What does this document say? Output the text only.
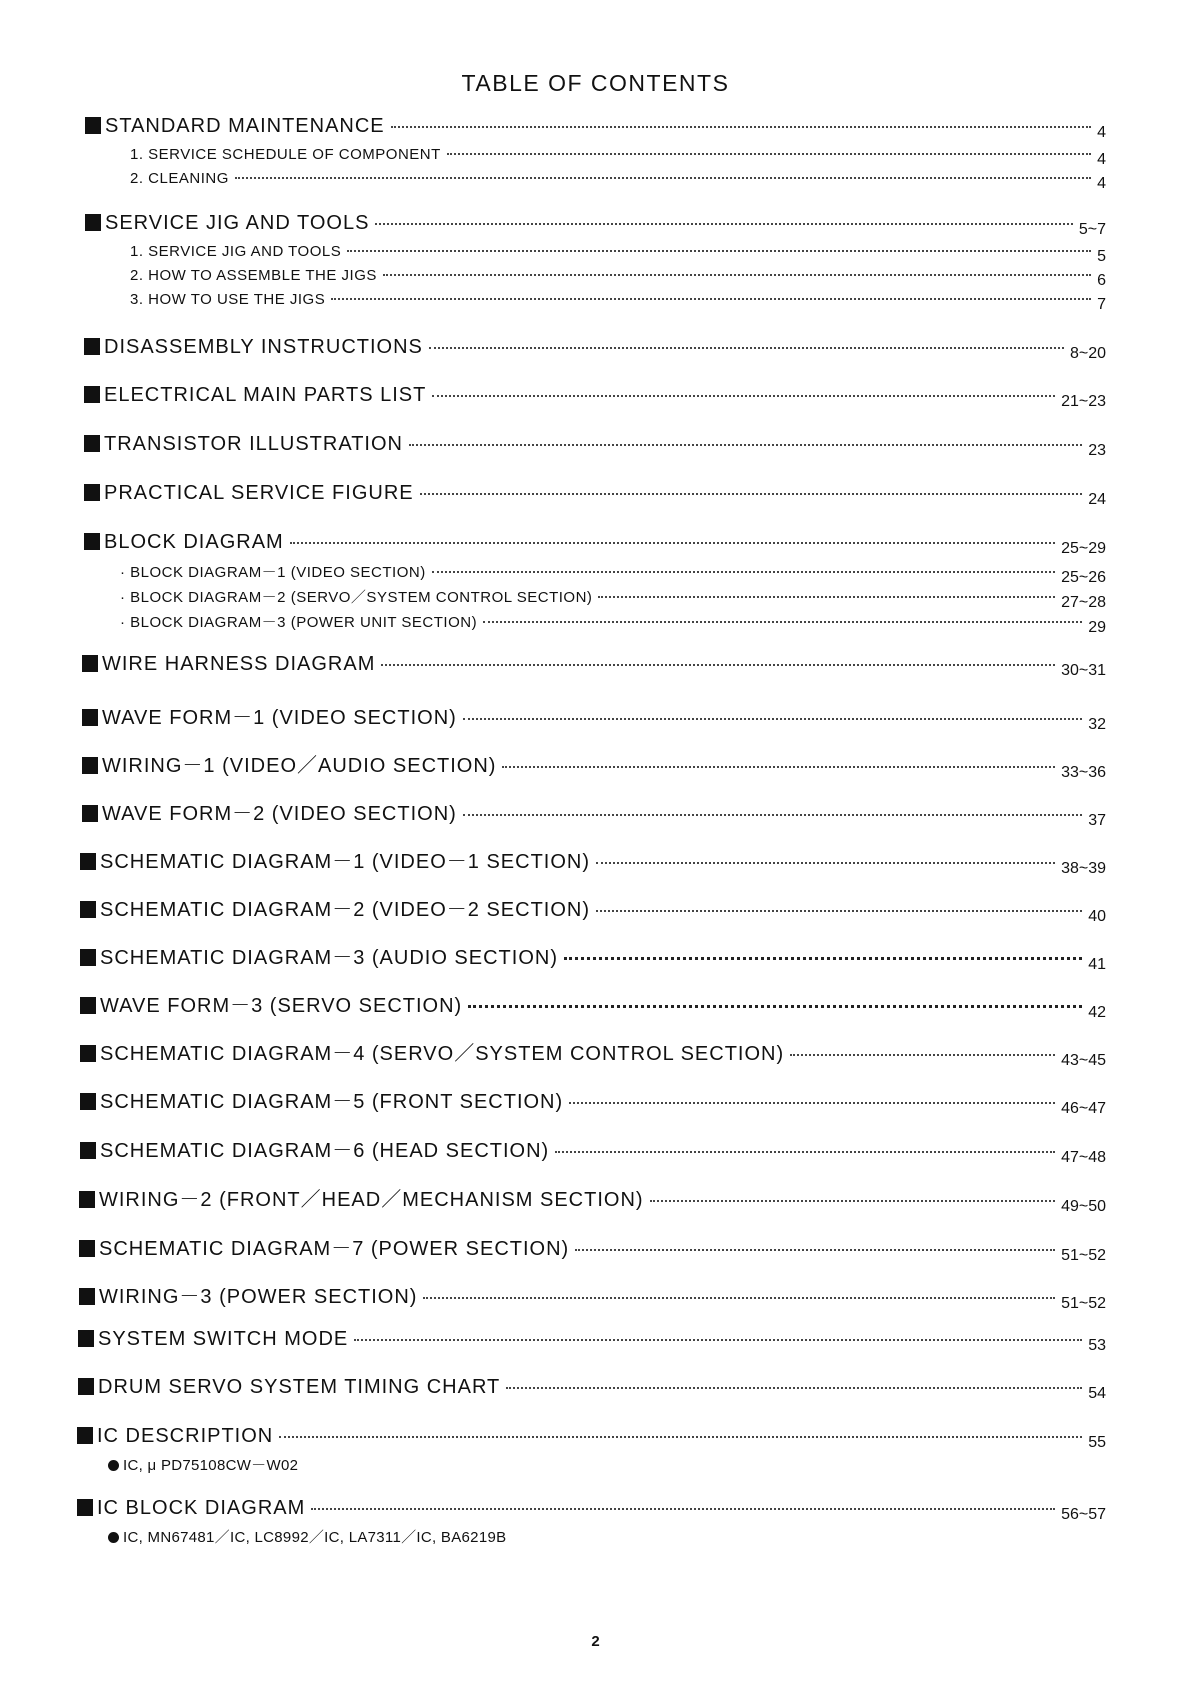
TABLE OF CONTENTS
STANDARD MAINTENANCE	4
1. SERVICE SCHEDULE OF COMPONENT	4
2. CLEANING	4
SERVICE JIG AND TOOLS	5~7
1. SERVICE JIG AND TOOLS	5
2. HOW TO ASSEMBLE THE JIGS	6
3. HOW TO USE THE JIGS	7
DISASSEMBLY INSTRUCTIONS	8~20
ELECTRICAL MAIN PARTS LIST	21~23
TRANSISTOR ILLUSTRATION	23
PRACTICAL SERVICE FIGURE	24
BLOCK DIAGRAM	25~29
· BLOCK DIAGRAM－1 (VIDEO SECTION)	25~26
· BLOCK DIAGRAM－2 (SERVO／SYSTEM CONTROL SECTION)	27~28
· BLOCK DIAGRAM－3 (POWER UNIT SECTION)	29
WIRE HARNESS DIAGRAM	30~31
WAVE FORM－1 (VIDEO SECTION)	32
WIRING－1 (VIDEO／AUDIO SECTION)	33~36
WAVE FORM－2 (VIDEO SECTION)	37
SCHEMATIC DIAGRAM－1 (VIDEO－1 SECTION)	38~39
SCHEMATIC DIAGRAM－2 (VIDEO－2 SECTION)	40
SCHEMATIC DIAGRAM－3 (AUDIO SECTION)	41
WAVE FORM－3 (SERVO SECTION)	42
SCHEMATIC DIAGRAM－4 (SERVO／SYSTEM CONTROL SECTION)	43~45
SCHEMATIC DIAGRAM－5 (FRONT SECTION)	46~47
SCHEMATIC DIAGRAM－6 (HEAD SECTION)	47~48
WIRING－2 (FRONT／HEAD／MECHANISM SECTION)	49~50
SCHEMATIC DIAGRAM－7 (POWER SECTION)	51~52
WIRING－3 (POWER SECTION)	51~52
SYSTEM SWITCH MODE	53
DRUM SERVO SYSTEM TIMING CHART	54
IC DESCRIPTION	55
IC, μ PD75108CW－W02
IC BLOCK DIAGRAM	56~57
IC, MN67481／IC, LC8992／IC, LA7311／IC, BA6219B
2
